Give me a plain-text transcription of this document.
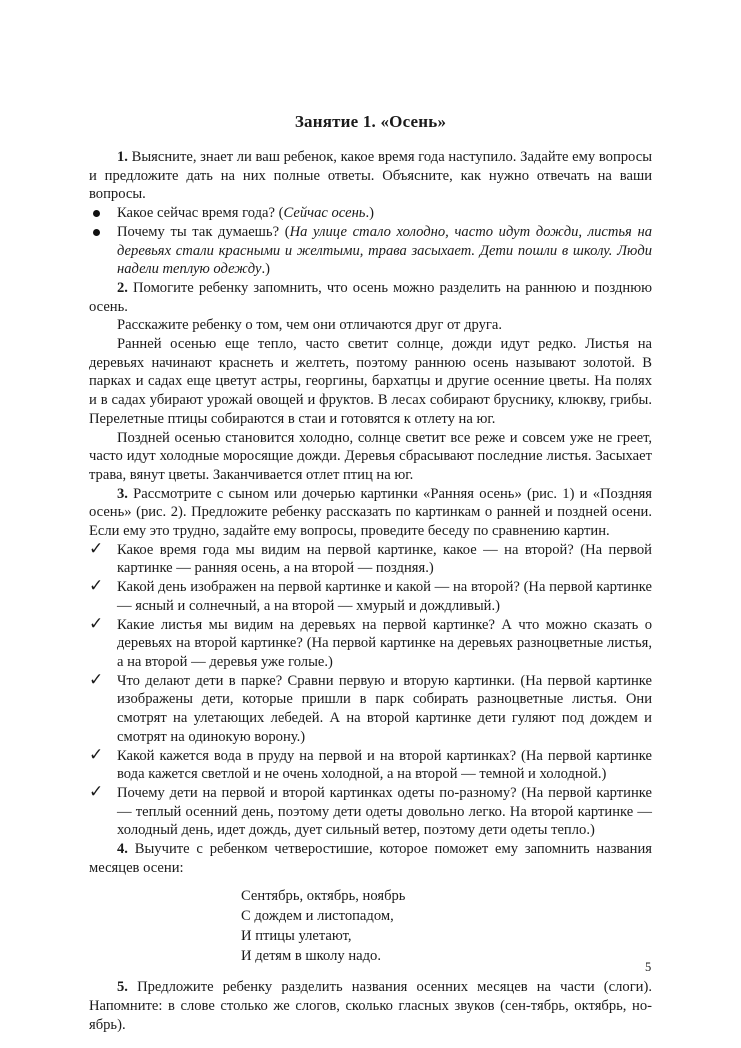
Занятие 1. «Осень»

1. Выясните, знает ли ваш ребенок, какое время года наступило. Задайте ему вопросы и предложите дать на них полные ответы. Объясните, как нужно отвечать на ваши вопросы.

Какое сейчас время года? (Сейчас осень.)
Почему ты так думаешь? (На улице стало холодно, часто идут дожди, листья на деревьях стали красными и желтыми, трава засыхает. Дети пошли в школу. Люди надели теплую одежду.)

2. Помогите ребенку запомнить, что осень можно разделить на раннюю и позднюю осень.

Расскажите ребенку о том, чем они отличаются друг от друга.

Ранней осенью еще тепло, часто светит солнце, дожди идут редко. Листья на деревьях начинают краснеть и желтеть, поэтому раннюю осень называют золотой. В парках и садах еще цветут астры, георгины, бархатцы и другие осенние цветы. На полях и в садах убирают урожай овощей и фруктов. В лесах собирают бруснику, клюкву, грибы. Перелетные птицы собираются в стаи и готовятся к отлету на юг.

Поздней осенью становится холодно, солнце светит все реже и совсем уже не греет, часто идут холодные моросящие дожди. Деревья сбрасывают последние листья. Засыхает трава, вянут цветы. Заканчивается отлет птиц на юг.

3. Рассмотрите с сыном или дочерью картинки «Ранняя осень» (рис. 1) и «Поздняя осень» (рис. 2). Предложите ребенку рассказать по картинкам о ранней и поздней осени. Если ему это трудно, задайте ему вопросы, проведите беседу по сравнению картин.

✓ Какое время года мы видим на первой картинке, какое — на второй? (На первой картинке — ранняя осень, а на второй — поздняя.)
✓ Какой день изображен на первой картинке и какой — на второй? (На первой картинке — ясный и солнечный, а на второй — хмурый и дождливый.)
✓ Какие листья мы видим на деревьях на первой картинке? А что можно сказать о деревьях на второй картинке? (На первой картинке на деревьях разноцветные листья, а на второй — деревья уже голые.)
✓ Что делают дети в парке? Сравни первую и вторую картинки. (На первой картинке изображены дети, которые пришли в парк собирать разноцветные листья. Они смотрят на улетающих лебедей. А на второй картинке дети гуляют под дождем и смотрят на одинокую ворону.)
✓ Какой кажется вода в пруду на первой и на второй картинках? (На первой картинке вода кажется светлой и не очень холодной, а на второй — темной и холодной.)
✓ Почему дети на первой и второй картинках одеты по-разному? (На первой картинке — теплый осенний день, поэтому дети одеты довольно легко. На второй картинке — холодный день, идет дождь, дует сильный ветер, поэтому дети одеты тепло.)

4. Выучите с ребенком четверостишие, которое поможет ему запомнить названия месяцев осени:

Сентябрь, октябрь, ноябрь
С дождем и листопадом,
И птицы улетают,
И детям в школу надо.

5. Предложите ребенку разделить названия осенних месяцев на части (слоги). Напомните: в слове столько же слогов, сколько гласных звуков (сен-тябрь, октябрь, но-ябрь).

5
